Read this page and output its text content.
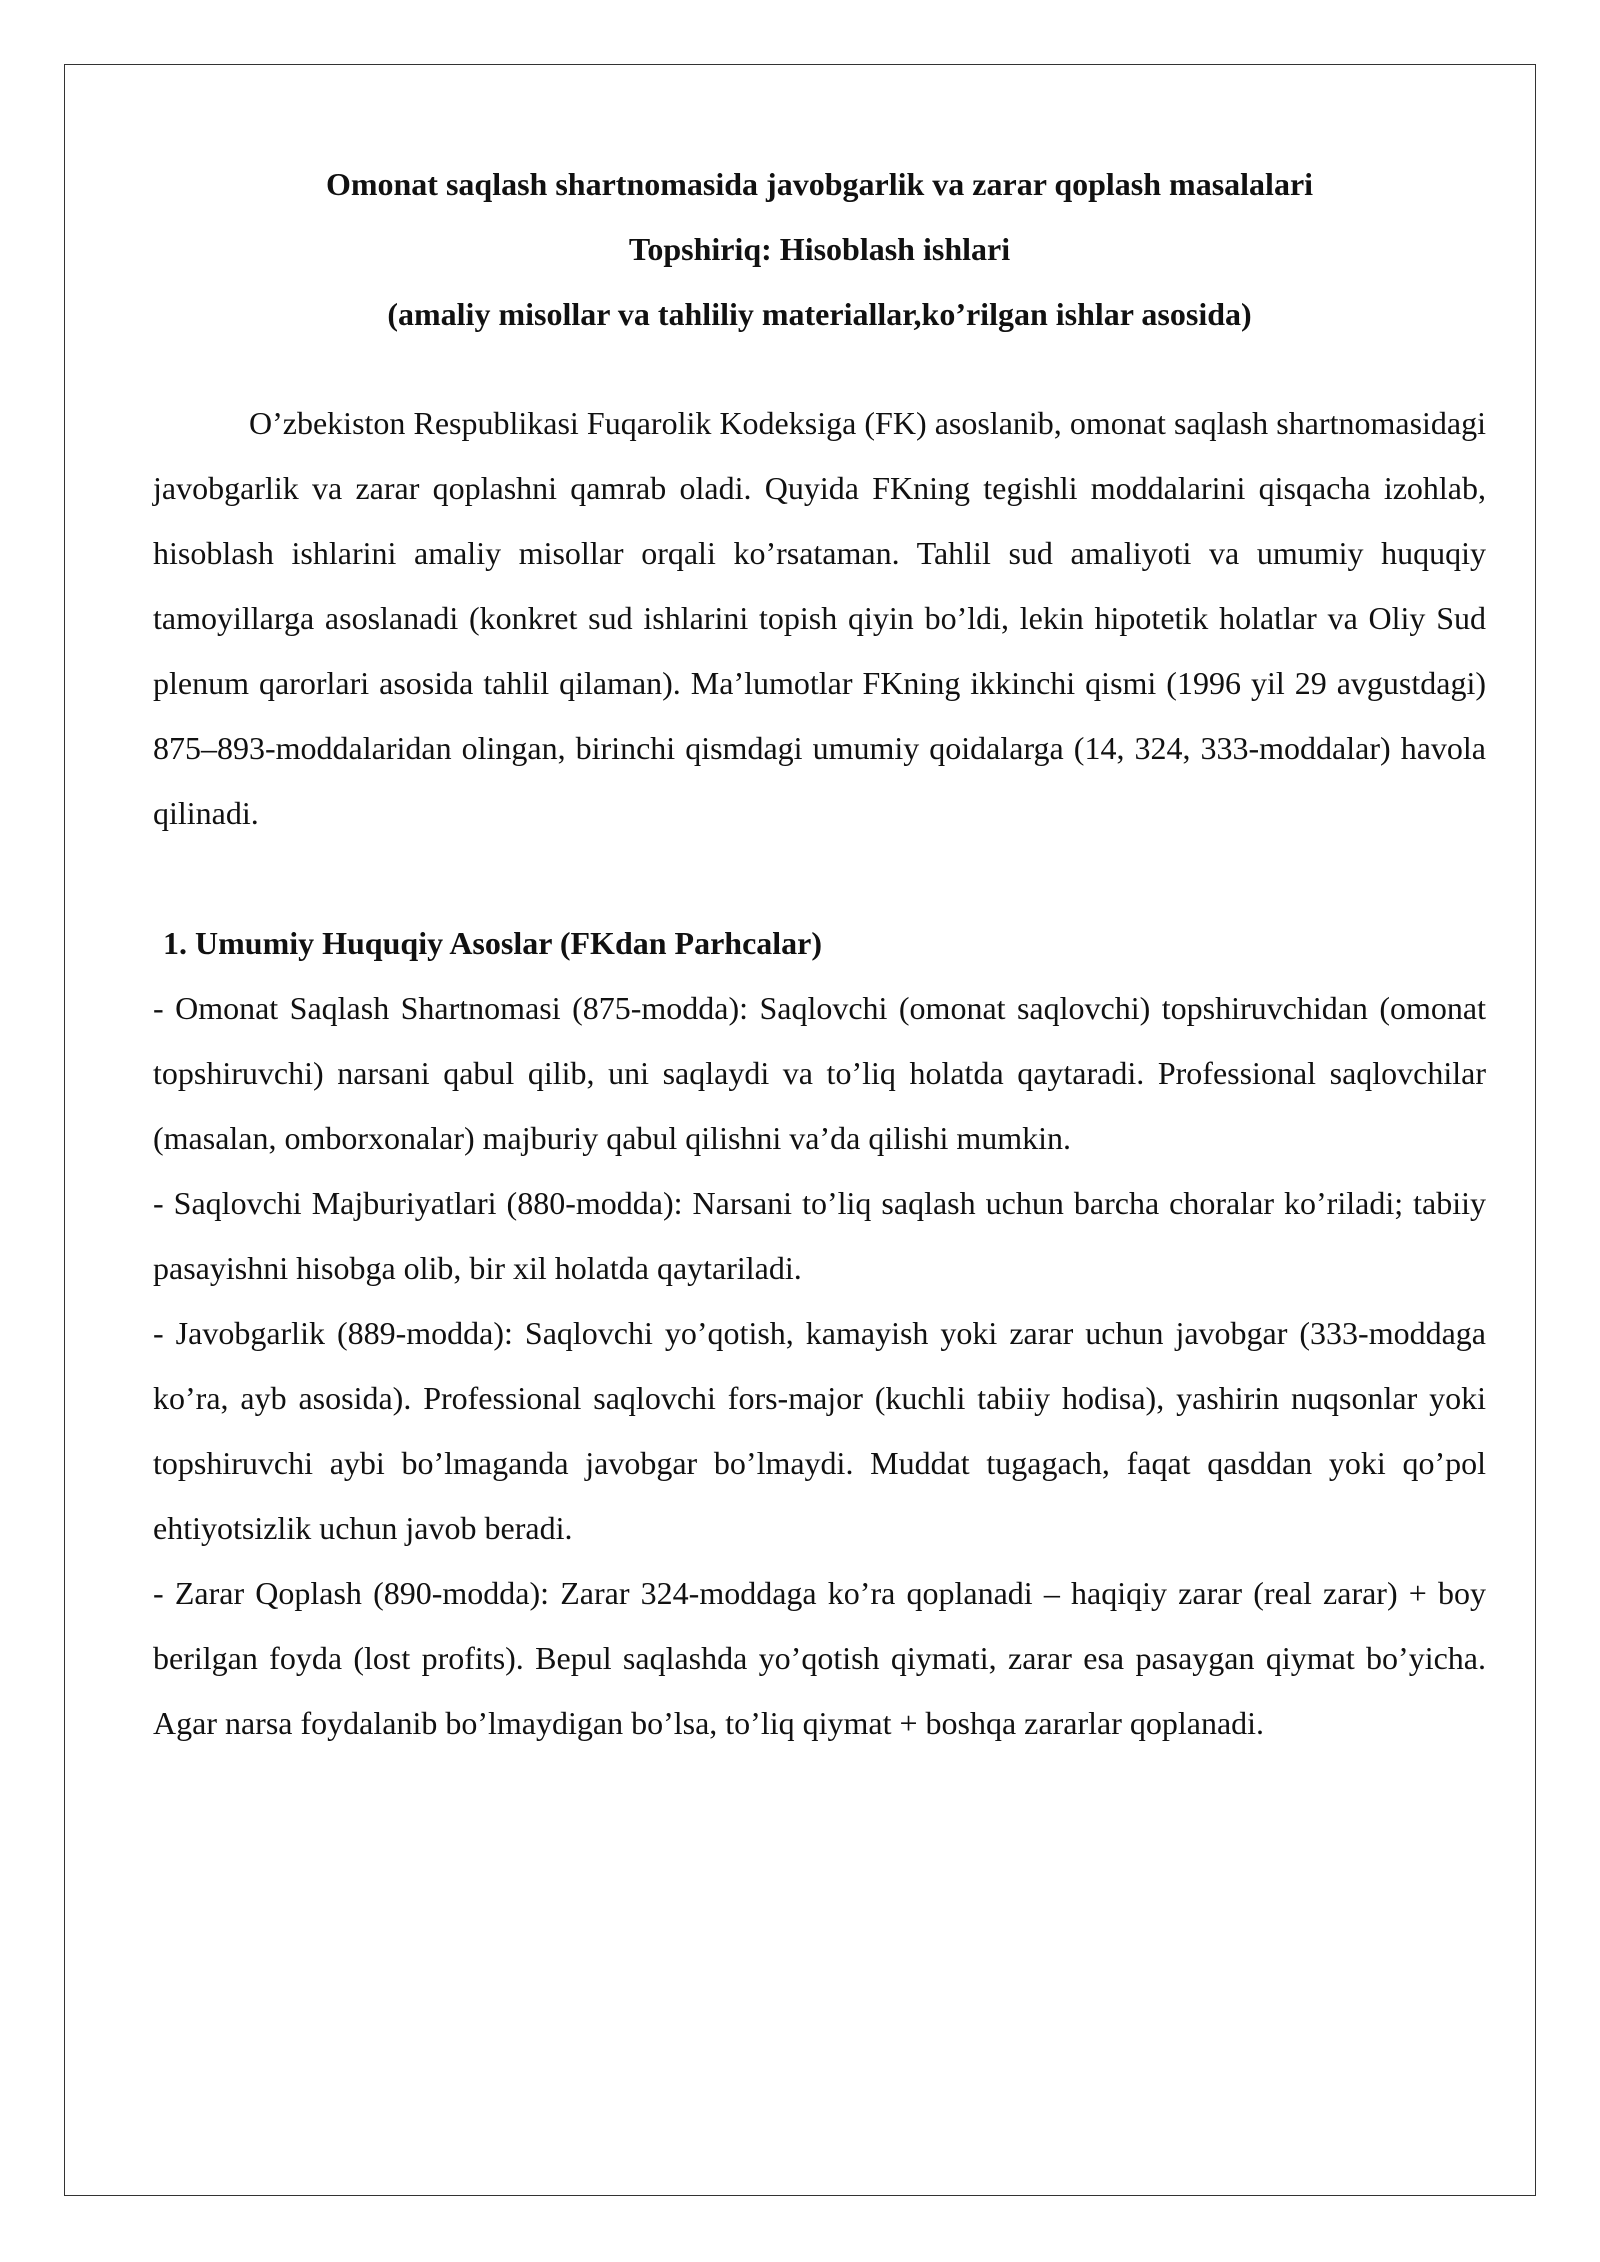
Omonat saqlash shartnomasida javobgarlik va zarar qoplash masalalari
Topshiriq: Hisoblash ishlari
(amaliy misollar va tahliliy materiallar,ko’rilgan ishlar asosida)

O’zbekiston Respublikasi Fuqarolik Kodeksiga (FK) asoslanib, omonat saqlash shartnomasidagi javobgarlik va zarar qoplashni qamrab oladi. Quyida FKning tegishli moddalarini qisqacha izohlab, hisoblash ishlarini amaliy misollar orqali ko’rsataman. Tahlil sud amaliyoti va umumiy huquqiy tamoyillarga asoslanadi (konkret sud ishlarini topish qiyin bo’ldi, lekin hipotetik holatlar va Oliy Sud plenum qarorlari asosida tahlil qilaman). Ma’lumotlar FKning ikkinchi qismi (1996 yil 29 avgustdagi) 875–893-moddalaridan olingan, birinchi qismdagi umumiy qoidalarga (14, 324, 333-moddalar) havola qilinadi.

1. Umumiy Huquqiy Asoslar (FKdan Parhcalar)

- Omonat Saqlash Shartnomasi (875-modda): Saqlovchi (omonat saqlovchi) topshiruvchidan (omonat topshiruvchi) narsani qabul qilib, uni saqlaydi va to’liq holatda qaytaradi. Professional saqlovchilar (masalan, omborxonalar) majburiy qabul qilishni va’da qilishi mumkin.

- Saqlovchi Majburiyatlari (880-modda): Narsani to’liq saqlash uchun barcha choralar ko’riladi; tabiiy pasayishni hisobga olib, bir xil holatda qaytariladi.

- Javobgarlik (889-modda): Saqlovchi yo’qotish, kamayish yoki zarar uchun javobgar (333-moddaga ko’ra, ayb asosida). Professional saqlovchi fors-major (kuchli tabiiy hodisa), yashirin nuqsonlar yoki topshiruvchi aybi bo’lmaganda javobgar bo’lmaydi. Muddat tugagach, faqat qasddan yoki qo’pol ehtiyotsizlik uchun javob beradi.

- Zarar Qoplash (890-modda): Zarar 324-moddaga ko’ra qoplanadi – haqiqiy zarar (real zarar) + boy berilgan foyda (lost profits). Bepul saqlashda yo’qotish qiymati, zarar esa pasaygan qiymat bo’yicha. Agar narsa foydalanib bo’lmaydigan bo’lsa, to’liq qiymat + boshqa zararlar qoplanadi.
